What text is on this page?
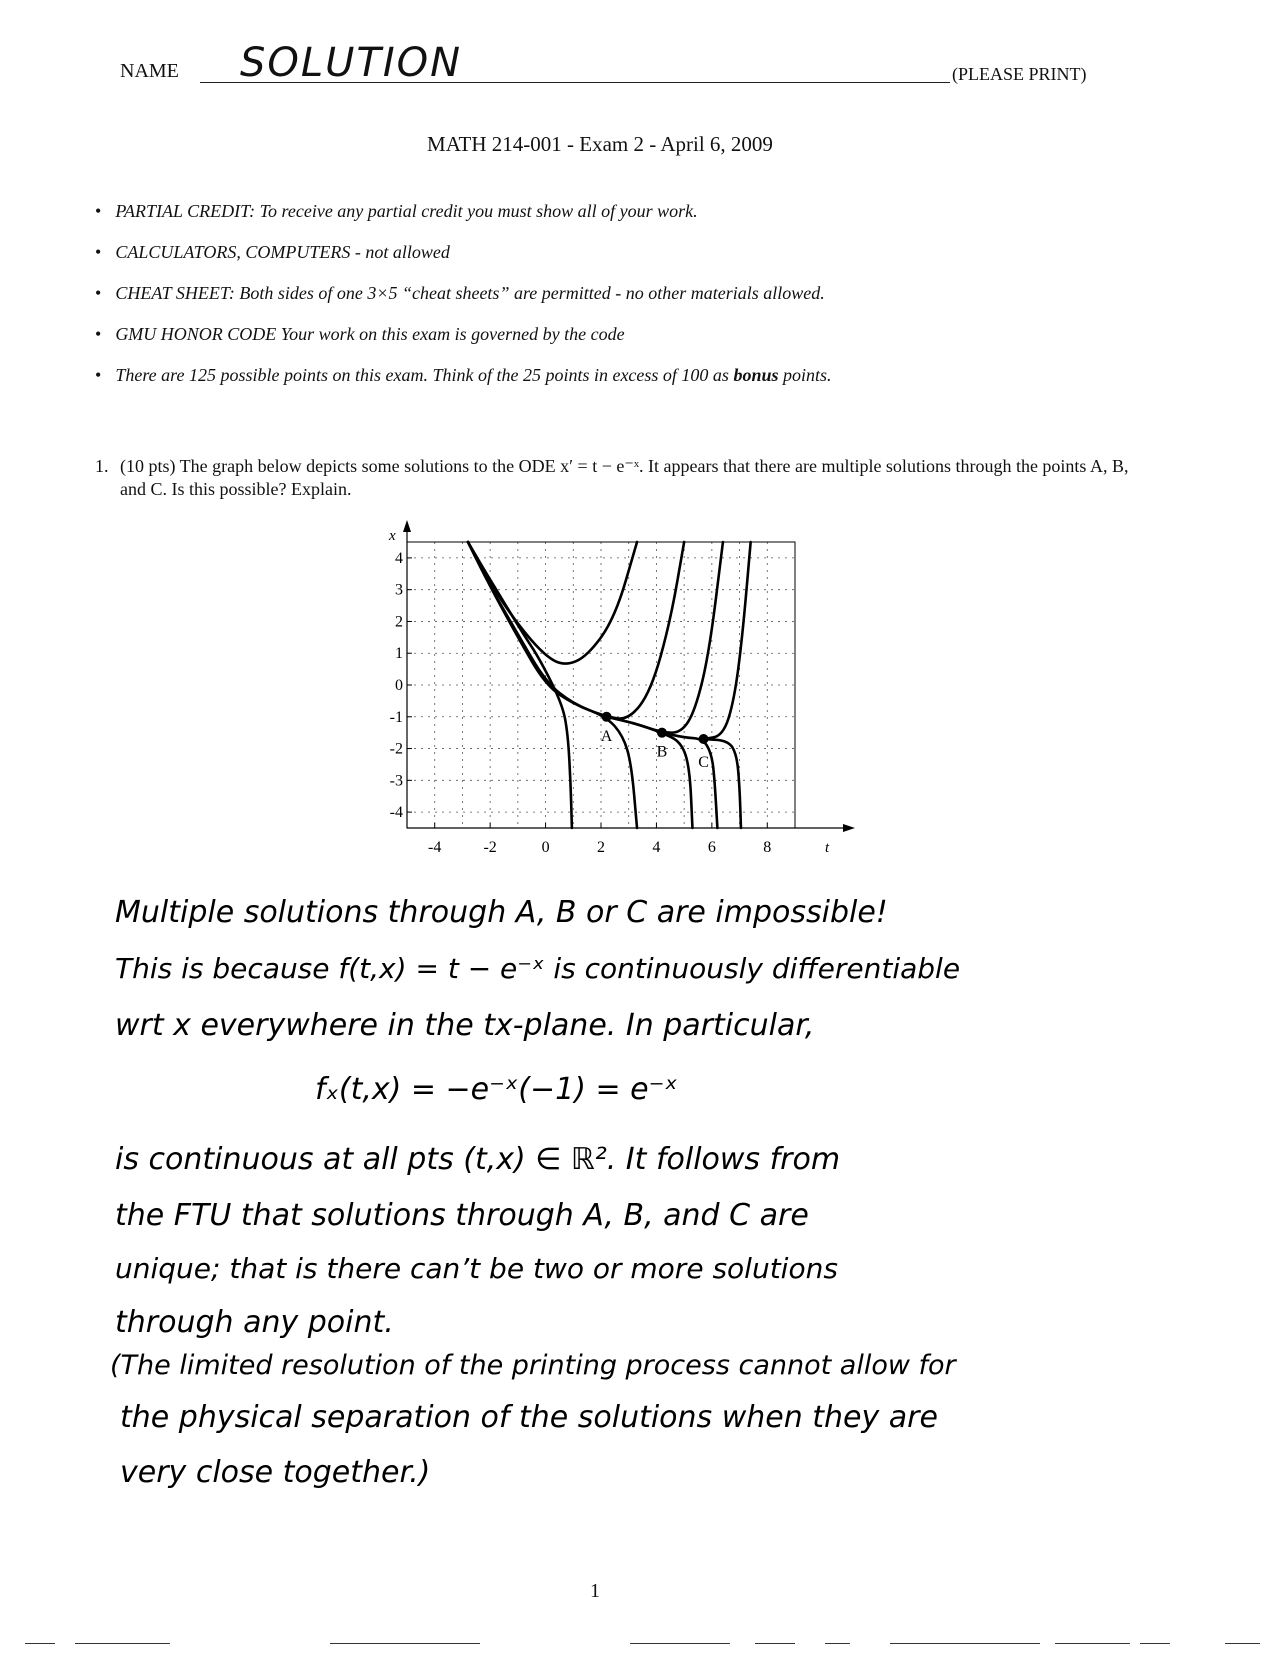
NAME SOLUTION	(PLEASE PRINT)
MATH 214-001 - Exam 2 - April 6, 2009
• PARTIAL CREDIT: To receive any partial credit you must show all of your work.
• CALCULATORS, COMPUTERS - not allowed
• CHEAT SHEET: Both sides of one 3×5 “cheat sheets” are permitted - no other materials allowed.
• GMU HONOR CODE Your work on this exam is governed by the code
• There are 125 possible points on this exam. Think of the 25 points in excess of 100 as bonus points.
1. (10 pts) The graph below depicts some solutions to the ODE x′ = t − e⁻ˣ. It appears that there are multiple solutions through the points A, B, and C. Is this possible? Explain.
x
t
-4	-2	0	2	4	6	8
4
3
2
1
0
-1
-2
-3
-4
A
B
C
Multiple solutions through A, B or C are impossible!
This is because f(t,x) = t − e⁻ˣ is continuously differentiable
wrt x everywhere in the tx-plane. In particular,
fₓ(t,x) = −e⁻ˣ(−1) = e⁻ˣ
is continuous at all pts (t,x) ∈ ℝ². It follows from
the FTU that solutions through A, B, and C are
unique; that is there can’t be two or more solutions
through any point.
(The limited resolution of the printing process cannot allow for
the physical separation of the solutions when they are
very close together.)
1
